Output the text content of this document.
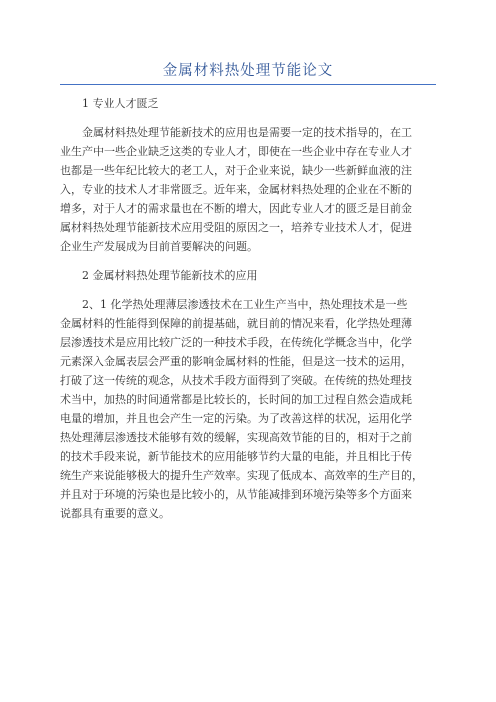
金属材料热处理节能论文
1 专业人才匮乏
金属材料热处理节能新技术的应用也是需要一定的技术指导的，在工
业生产中一些企业缺乏这类的专业人才，即使在一些企业中存在专业人才
也都是一些年纪比较大的老工人，对于企业来说，缺少一些新鲜血液的注
入，专业的技术人才非常匮乏。近年来，金属材料热处理的企业在不断的
增多，对于人才的需求量也在不断的增大，因此专业人才的匮乏是目前金
属材料热处理节能新技术应用受阻的原因之一，培养专业技术人才，促进
企业生产发展成为目前首要解决的问题。
2 金属材料热处理节能新技术的应用
2、1 化学热处理薄层渗透技术在工业生产当中，热处理技术是一些
金属材料的性能得到保障的前提基础，就目前的情况来看，化学热处理薄
层渗透技术是应用比较广泛的一种技术手段，在传统化学概念当中，化学
元素深入金属表层会严重的影响金属材料的性能，但是这一技术的运用，
打破了这一传统的观念，从技术手段方面得到了突破。在传统的热处理技
术当中，加热的时间通常都是比较长的，长时间的加工过程自然会造成耗
电量的增加，并且也会产生一定的污染。为了改善这样的状况，运用化学
热处理薄层渗透技术能够有效的缓解，实现高效节能的目的，相对于之前
的技术手段来说，新节能技术的应用能够节约大量的电能，并且相比于传
统生产来说能够极大的提升生产效率。实现了低成本、高效率的生产目的，
并且对于环境的污染也是比较小的，从节能减排到环境污染等多个方面来
说都具有重要的意义。
